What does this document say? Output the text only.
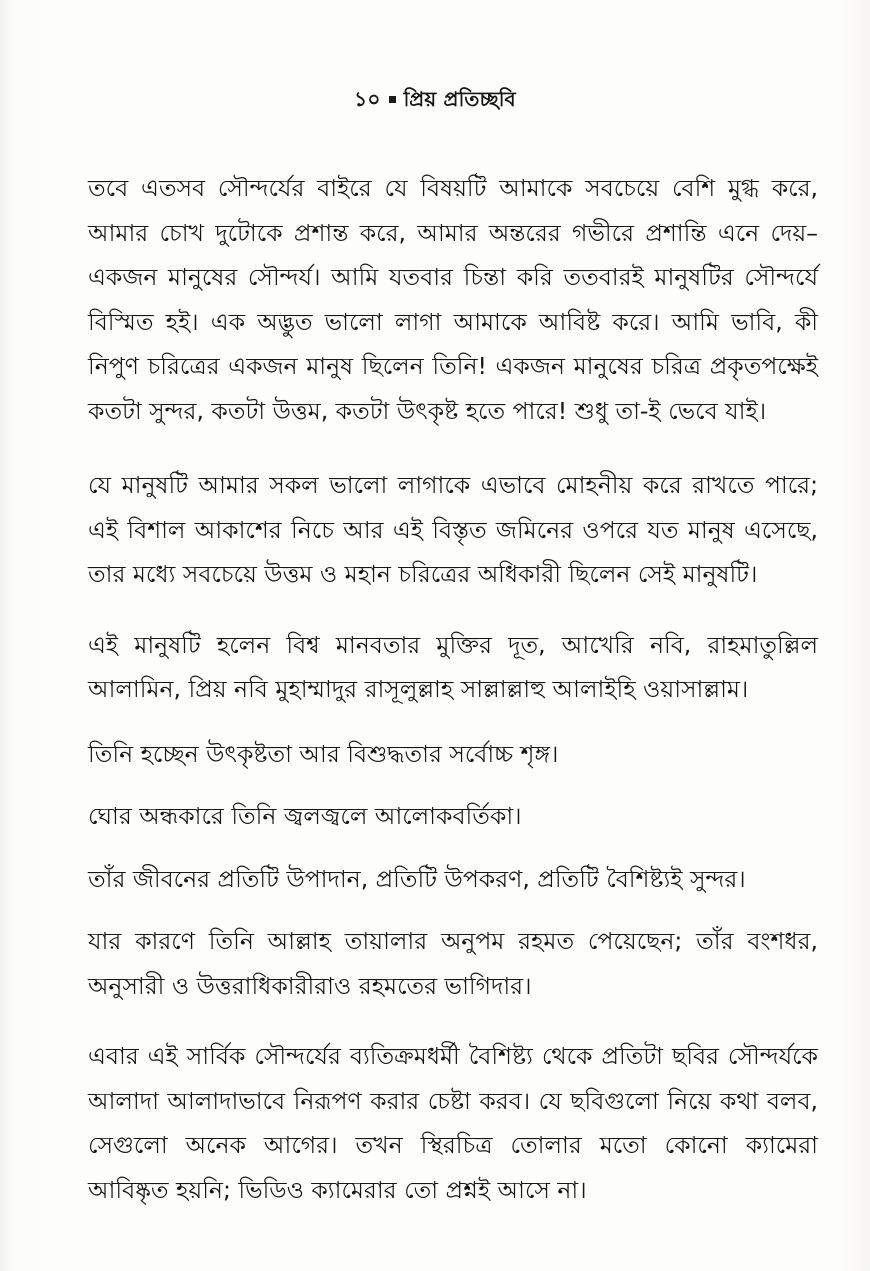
১০ প্রিয় প্রতিচ্ছবি

তবে এতসব সৌন্দর্যের বাইরে যে বিষয়টি আমাকে সবচেয়ে বেশি মুগ্ধ করে, আমার চোখ দুটোকে প্রশান্ত করে, আমার অন্তরের গভীরে প্রশান্তি এনে দেয়– একজন মানুষের সৌন্দর্য। আমি যতবার চিন্তা করি ততবারই মানুষটির সৌন্দর্যে বিস্মিত হই। এক অদ্ভুত ভালো লাগা আমাকে আবিষ্ট করে। আমি ভাবি, কী নিপুণ চরিত্রের একজন মানুষ ছিলেন তিনি! একজন মানুষের চরিত্র প্রকৃতপক্ষেই কতটা সুন্দর, কতটা উত্তম, কতটা উৎকৃষ্ট হতে পারে! শুধু তা-ই ভেবে যাই।

যে মানুষটি আমার সকল ভালো লাগাকে এভাবে মোহনীয় করে রাখতে পারে; এই বিশাল আকাশের নিচে আর এই বিস্তৃত জমিনের ওপরে যত মানুষ এসেছে, তার মধ্যে সবচেয়ে উত্তম ও মহান চরিত্রের অধিকারী ছিলেন সেই মানুষটি।

এই মানুষটি হলেন বিশ্ব মানবতার মুক্তির দূত, আখেরি নবি, রাহমাতুল্লিল আলামিন, প্রিয় নবি মুহাম্মাদুর রাসূলুল্লাহ সাল্লাল্লাহু আলাইহি ওয়াসাল্লাম।

তিনি হচ্ছেন উৎকৃষ্টতা আর বিশুদ্ধতার সর্বোচ্চ শৃঙ্গ।

ঘোর অন্ধকারে তিনি জ্বলজ্বলে আলোকবর্তিকা।

তাঁর জীবনের প্রতিটি উপাদান, প্রতিটি উপকরণ, প্রতিটি বৈশিষ্ট্যই সুন্দর।

যার কারণে তিনি আল্লাহ তায়ালার অনুপম রহমত পেয়েছেন; তাঁর বংশধর, অনুসারী ও উত্তরাধিকারীরাও রহমতের ভাগিদার।

এবার এই সার্বিক সৌন্দর্যের ব্যতিক্রমধর্মী বৈশিষ্ট্য থেকে প্রতিটা ছবির সৌন্দর্যকে আলাদা আলাদাভাবে নিরূপণ করার চেষ্টা করব। যে ছবিগুলো নিয়ে কথা বলব, সেগুলো অনেক আগের। তখন স্থিরচিত্র তোলার মতো কোনো ক্যামেরা আবিষ্কৃত হয়নি; ভিডিও ক্যামেরার তো প্রশ্নই আসে না।
